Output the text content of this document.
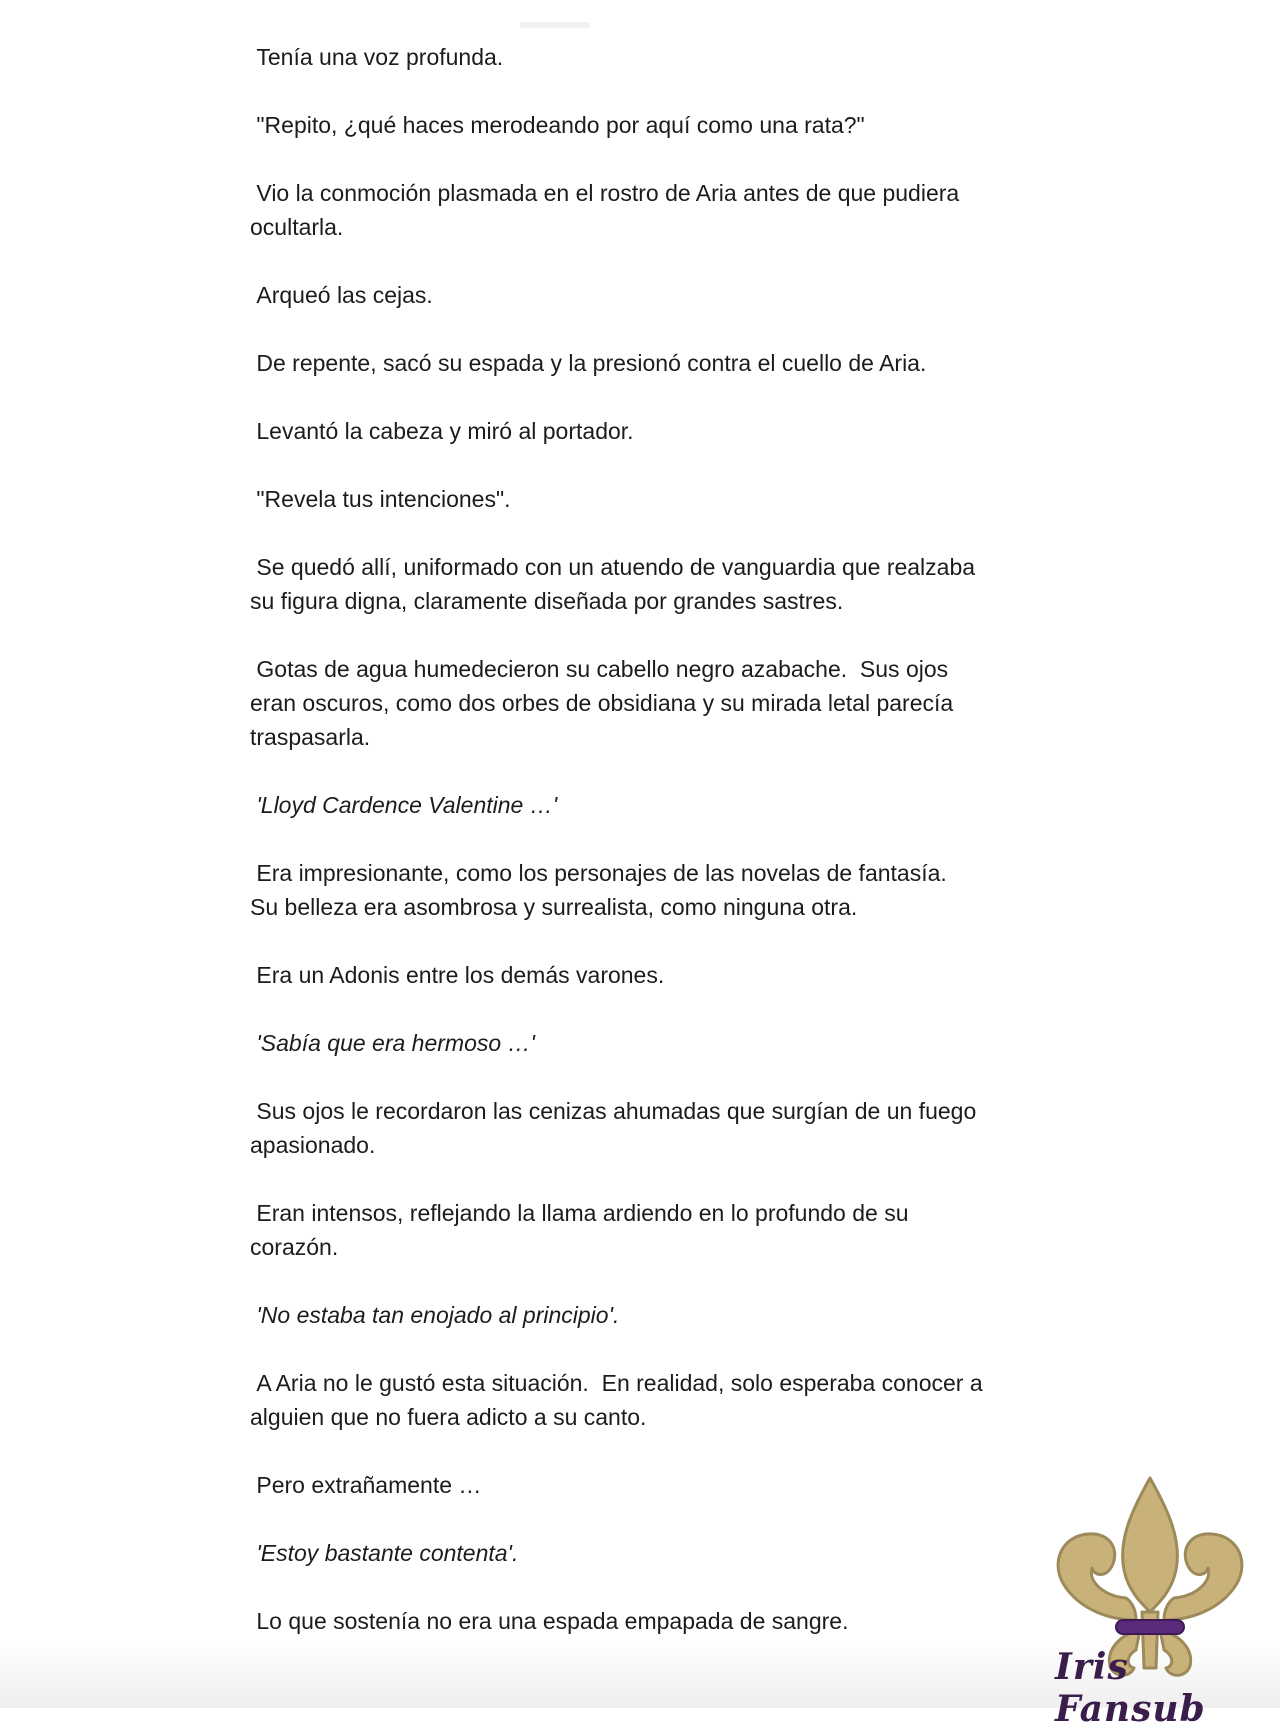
Tenía una voz profunda.

"Repito, ¿qué haces merodeando por aquí como una rata?"

Vio la conmoción plasmada en el rostro de Aria antes de que pudiera
ocultarla.

Arqueó las cejas.

De repente, sacó su espada y la presionó contra el cuello de Aria.

Levantó la cabeza y miró al portador.

"Revela tus intenciones".

Se quedó allí, uniformado con un atuendo de vanguardia que realzaba
su figura digna, claramente diseñada por grandes sastres.

Gotas de agua humedecieron su cabello negro azabache.  Sus ojos
eran oscuros, como dos orbes de obsidiana y su mirada letal parecía
traspasarla.

'Lloyd Cardence Valentine …'

Era impresionante, como los personajes de las novelas de fantasía.
Su belleza era asombrosa y surrealista, como ninguna otra.

Era un Adonis entre los demás varones.

'Sabía que era hermoso …'

Sus ojos le recordaron las cenizas ahumadas que surgían de un fuego
apasionado.

Eran intensos, reflejando la llama ardiendo en lo profundo de su
corazón.

'No estaba tan enojado al principio'.

A Aria no le gustó esta situación.  En realidad, solo esperaba conocer a
alguien que no fuera adicto a su canto.

Pero extrañamente …

'Estoy bastante contenta'.

Lo que sostenía no era una espada empapada de sangre.

Iris Fansub
